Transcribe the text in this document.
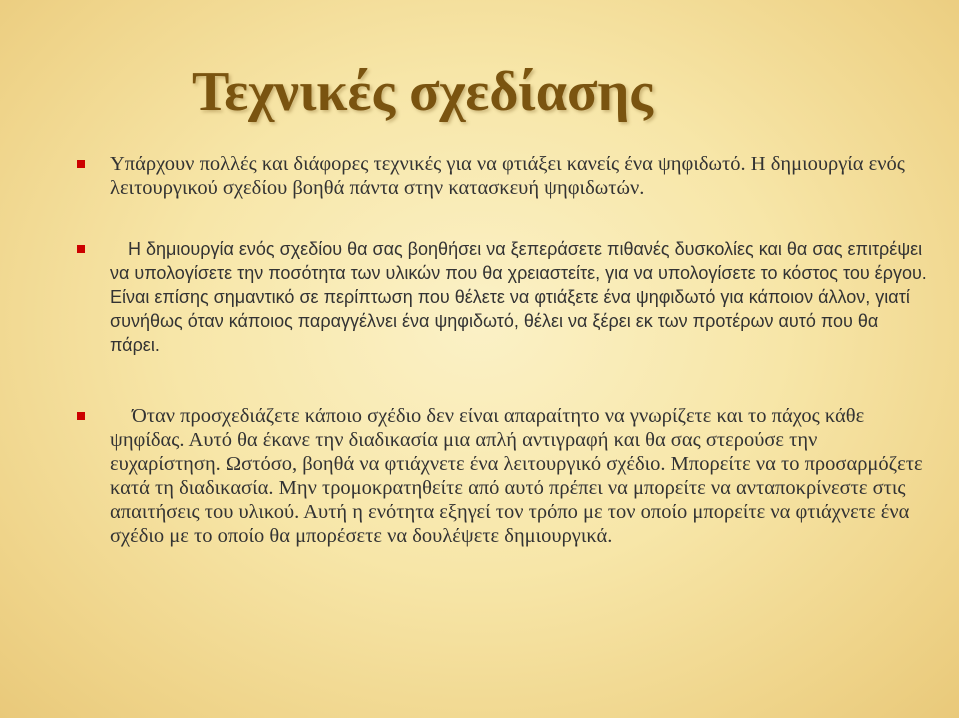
Τεχνικές σχεδίασης
Υπάρχουν πολλές και διάφορες τεχνικές για να φτιάξει κανείς ένα ψηφιδωτό. Η δημιουργία ενός λειτουργικού σχεδίου βοηθά πάντα στην κατασκευή ψηφιδωτών.
Η δημιουργία ενός σχεδίου θα σας βοηθήσει να ξεπεράσετε πιθανές δυσκολίες και θα σας επιτρέψει να υπολογίσετε την ποσότητα των υλικών που θα χρειαστείτε, για να υπολογίσετε το κόστος του έργου. Είναι επίσης σημαντικό σε περίπτωση που θέλετε να φτιάξετε ένα ψηφιδωτό για κάποιον άλλον, γιατί συνήθως όταν κάποιος παραγγέλνει ένα ψηφιδωτό, θέλει να ξέρει εκ των προτέρων αυτό που θα πάρει.
Όταν προσχεδιάζετε κάποιο σχέδιο δεν είναι απαραίτητο να γνωρίζετε και το πάχος κάθε ψηφίδας. Αυτό θα έκανε την διαδικασία μια απλή αντιγραφή και θα σας στερούσε την ευχαρίστηση. Ωστόσο, βοηθά να φτιάχνετε ένα λειτουργικό σχέδιο. Μπορείτε να το προσαρμόζετε κατά τη διαδικασία. Μην τρομοκρατηθείτε από αυτό πρέπει να μπορείτε να ανταποκρίνεστε στις απαιτήσεις του υλικού. Αυτή η ενότητα εξηγεί τον τρόπο με τον οποίο μπορείτε να φτιάχνετε ένα σχέδιο με το οποίο θα μπορέσετε να δουλέψετε δημιουργικά.
